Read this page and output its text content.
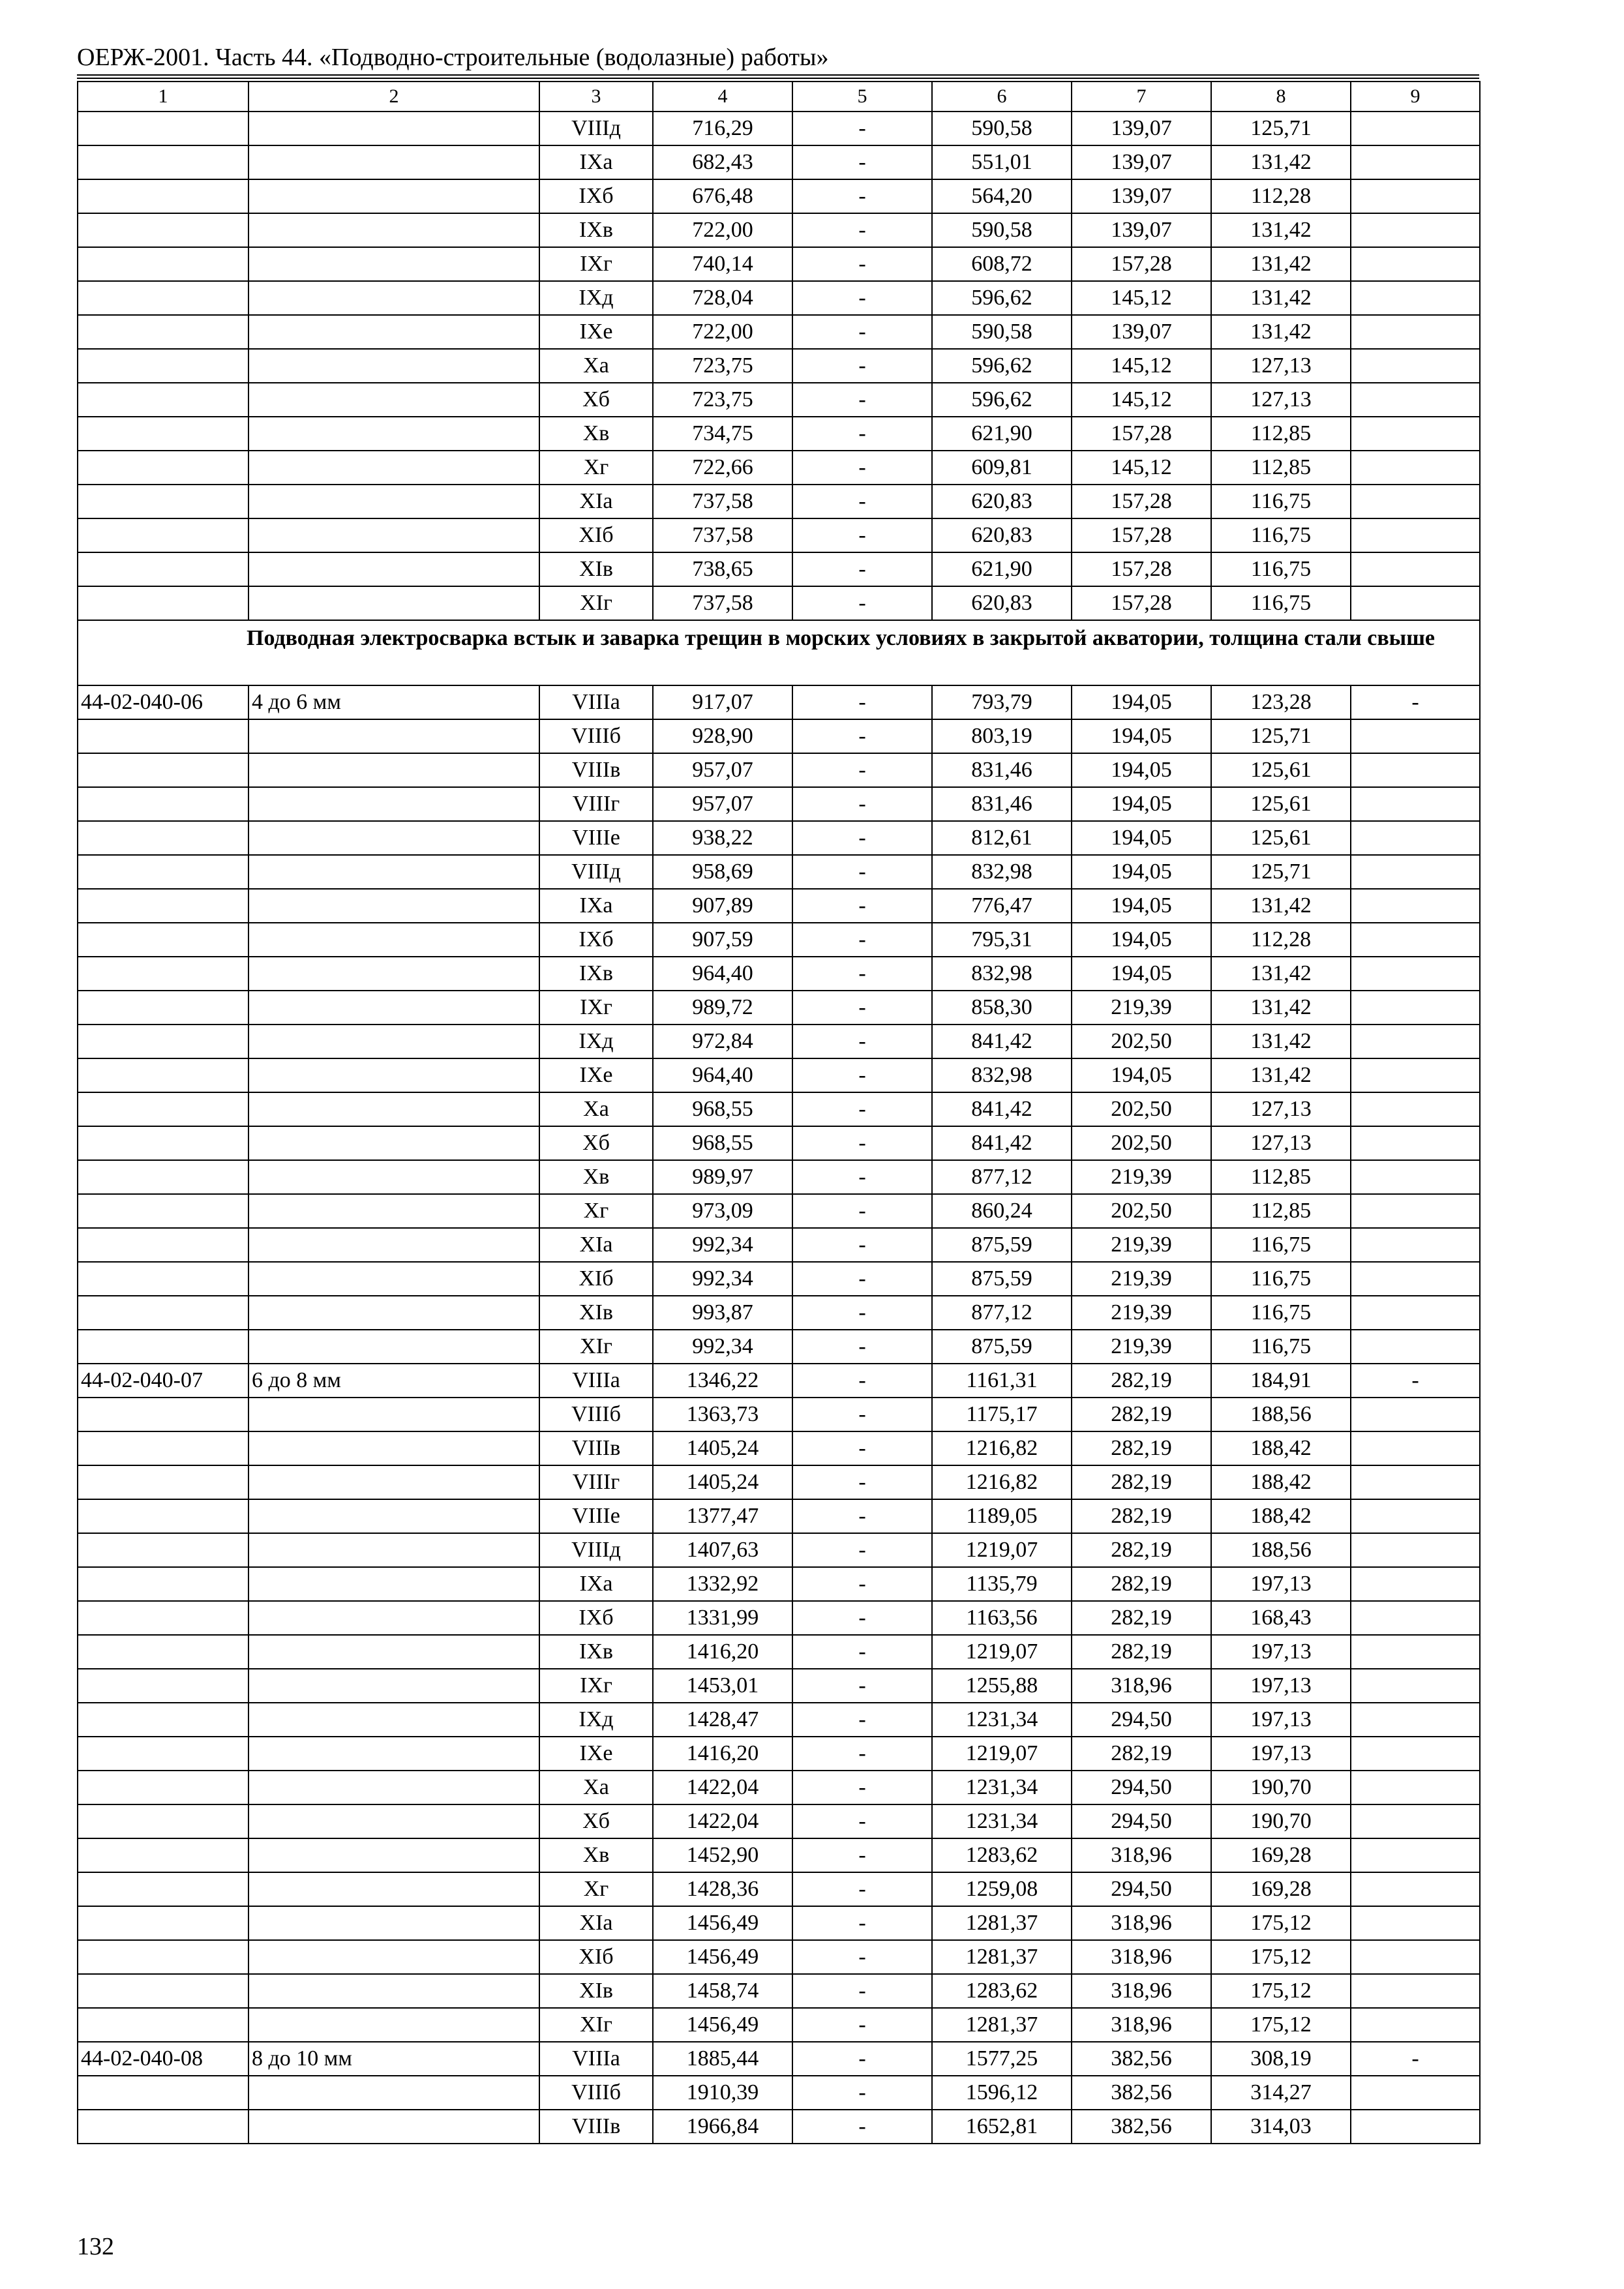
ОЕРЖ-2001. Часть 44. «Подводно-строительные (водолазные) работы»
1	2	3	4	5	6	7	8	9
		VIIIд	716,29	-	590,58	139,07	125,71	
		IXа	682,43	-	551,01	139,07	131,42	
		IXб	676,48	-	564,20	139,07	112,28	
		IXв	722,00	-	590,58	139,07	131,42	
		IXг	740,14	-	608,72	157,28	131,42	
		IXд	728,04	-	596,62	145,12	131,42	
		IXе	722,00	-	590,58	139,07	131,42	
		Xа	723,75	-	596,62	145,12	127,13	
		Xб	723,75	-	596,62	145,12	127,13	
		Xв	734,75	-	621,90	157,28	112,85	
		Xг	722,66	-	609,81	145,12	112,85	
		XIа	737,58	-	620,83	157,28	116,75	
		XIб	737,58	-	620,83	157,28	116,75	
		XIв	738,65	-	621,90	157,28	116,75	
		XIг	737,58	-	620,83	157,28	116,75	
Подводная электросварка встык и заварка трещин в морских условиях в закрытой акватории, толщина стали свыше								
44-02-040-06	4 до 6 мм	VIIIа	917,07	-	793,79	194,05	123,28	-
		VIIIб	928,90	-	803,19	194,05	125,71	
		VIIIв	957,07	-	831,46	194,05	125,61	
		VIIIг	957,07	-	831,46	194,05	125,61	
		VIIIе	938,22	-	812,61	194,05	125,61	
		VIIIд	958,69	-	832,98	194,05	125,71	
		IXа	907,89	-	776,47	194,05	131,42	
		IXб	907,59	-	795,31	194,05	112,28	
		IXв	964,40	-	832,98	194,05	131,42	
		IXг	989,72	-	858,30	219,39	131,42	
		IXд	972,84	-	841,42	202,50	131,42	
		IXе	964,40	-	832,98	194,05	131,42	
		Xа	968,55	-	841,42	202,50	127,13	
		Xб	968,55	-	841,42	202,50	127,13	
		Xв	989,97	-	877,12	219,39	112,85	
		Xг	973,09	-	860,24	202,50	112,85	
		XIа	992,34	-	875,59	219,39	116,75	
		XIб	992,34	-	875,59	219,39	116,75	
		XIв	993,87	-	877,12	219,39	116,75	
		XIг	992,34	-	875,59	219,39	116,75	
44-02-040-07	6 до 8 мм	VIIIа	1346,22	-	1161,31	282,19	184,91	-
		VIIIб	1363,73	-	1175,17	282,19	188,56	
		VIIIв	1405,24	-	1216,82	282,19	188,42	
		VIIIг	1405,24	-	1216,82	282,19	188,42	
		VIIIе	1377,47	-	1189,05	282,19	188,42	
		VIIIд	1407,63	-	1219,07	282,19	188,56	
		IXа	1332,92	-	1135,79	282,19	197,13	
		IXб	1331,99	-	1163,56	282,19	168,43	
		IXв	1416,20	-	1219,07	282,19	197,13	
		IXг	1453,01	-	1255,88	318,96	197,13	
		IXд	1428,47	-	1231,34	294,50	197,13	
		IXе	1416,20	-	1219,07	282,19	197,13	
		Xа	1422,04	-	1231,34	294,50	190,70	
		Xб	1422,04	-	1231,34	294,50	190,70	
		Xв	1452,90	-	1283,62	318,96	169,28	
		Xг	1428,36	-	1259,08	294,50	169,28	
		XIа	1456,49	-	1281,37	318,96	175,12	
		XIб	1456,49	-	1281,37	318,96	175,12	
		XIв	1458,74	-	1283,62	318,96	175,12	
		XIг	1456,49	-	1281,37	318,96	175,12	
44-02-040-08	8 до 10 мм	VIIIа	1885,44	-	1577,25	382,56	308,19	-
		VIIIб	1910,39	-	1596,12	382,56	314,27	
		VIIIв	1966,84	-	1652,81	382,56	314,03	
132
